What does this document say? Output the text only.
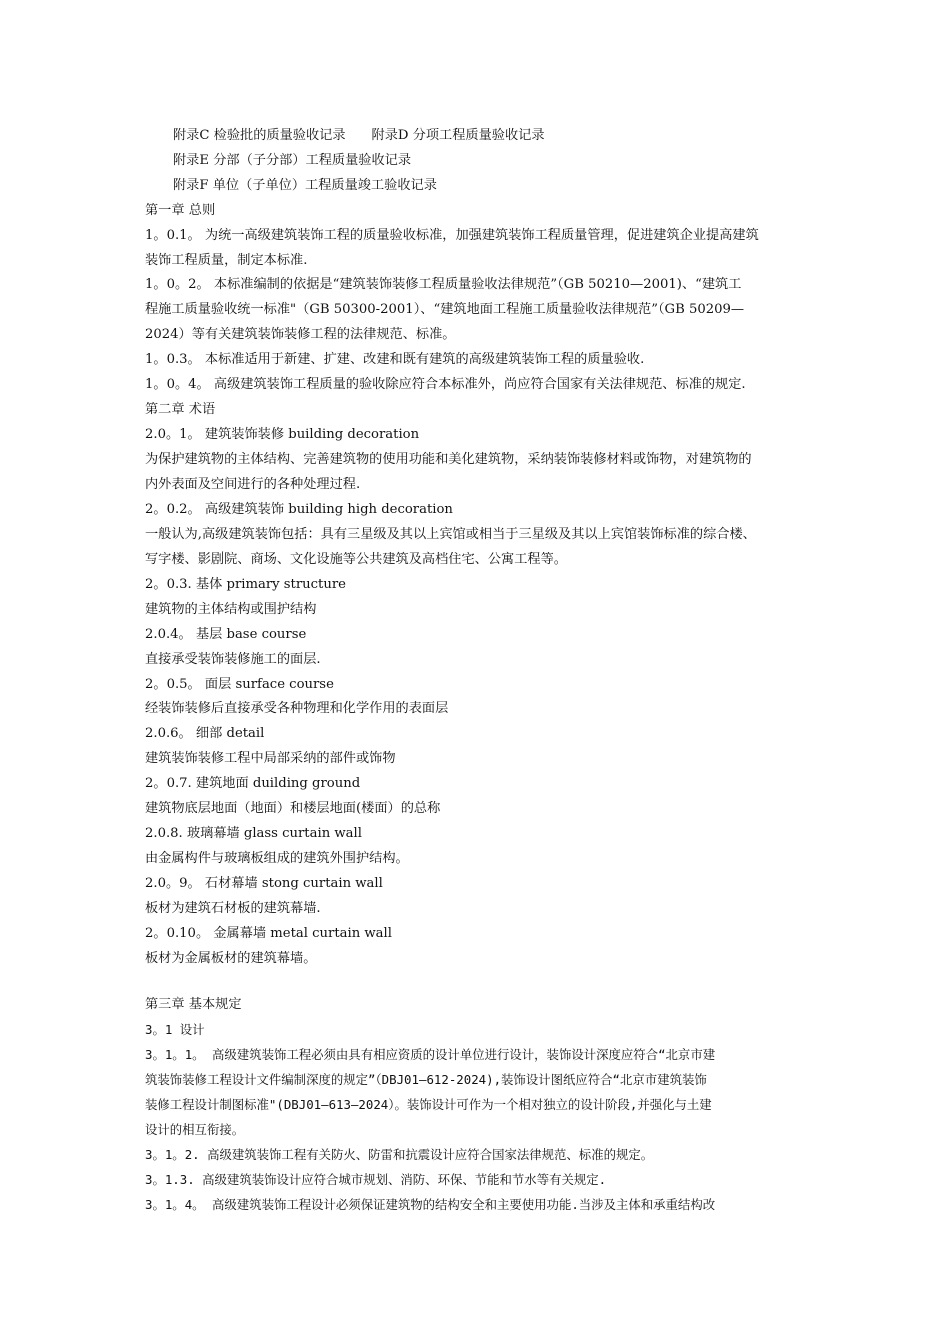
附录C 检验批的质量验收记录 附录D 分项工程质量验收记录
附录E 分部（子分部）工程质量验收记录
附录F 单位（子单位）工程质量竣工验收记录
第一章 总则
1。0.1。 为统一高级建筑装饰工程的质量验收标准，加强建筑装饰工程质量管理，促进建筑企业提高建筑
装饰工程质量，制定本标准.
1。0。2。 本标准编制的依据是“建筑装饰装修工程质量验收法律规范”（GB 50210—2001)、“建筑工
程施工质量验收统一标准"（GB 50300-2001）、“建筑地面工程施工质量验收法律规范”（GB 50209—
2024）等有关建筑装饰装修工程的法律规范、标准。
1。0.3。 本标准适用于新建、扩建、改建和既有建筑的高级建筑装饰工程的质量验收.
1。0。4。 高级建筑装饰工程质量的验收除应符合本标准外，尚应符合国家有关法律规范、标准的规定.
第二章 术语
2.0。1。 建筑装饰装修 building decoration
为保护建筑物的主体结构、完善建筑物的使用功能和美化建筑物，采纳装饰装修材料或饰物，对建筑物的
内外表面及空间进行的各种处理过程.
2。0.2。 高级建筑装饰 building high decoration
一般认为,高级建筑装饰包括：具有三星级及其以上宾馆或相当于三星级及其以上宾馆装饰标准的综合楼、
写字楼、影剧院、商场、文化设施等公共建筑及高档住宅、公寓工程等。
2。0.3. 基体 primary structure
建筑物的主体结构或围护结构
2.0.4。 基层 base course
直接承受装饰装修施工的面层.
2。0.5。 面层 surface course
经装饰装修后直接承受各种物理和化学作用的表面层
2.0.6。 细部 detail
建筑装饰装修工程中局部采纳的部件或饰物
2。0.7. 建筑地面 duilding ground
建筑物底层地面（地面）和楼层地面(楼面）的总称
2.0.8. 玻璃幕墙 glass curtain wall
由金属构件与玻璃板组成的建筑外围护结构。
2.0。9。 石材幕墙 stong curtain wall
板材为建筑石材板的建筑幕墙.
2。0.10。 金属幕墙 metal curtain wall
板材为金属板材的建筑幕墙。
第三章 基本规定
3。1 设计
3。1。1。 高级建筑装饰工程必须由具有相应资质的设计单位进行设计，装饰设计深度应符合“北京市建
筑装饰装修工程设计文件编制深度的规定”（DBJ01—612-2024),装饰设计图纸应符合“北京市建筑装饰
装修工程设计制图标准"(DBJ01—613—2024）。装饰设计可作为一个相对独立的设计阶段,并强化与土建
设计的相互衔接。
3。1。2. 高级建筑装饰工程有关防火、防雷和抗震设计应符合国家法律规范、标准的规定。
3。1.3. 高级建筑装饰设计应符合城市规划、消防、环保、节能和节水等有关规定.
3。1。4。 高级建筑装饰工程设计必须保证建筑物的结构安全和主要使用功能.当涉及主体和承重结构改
